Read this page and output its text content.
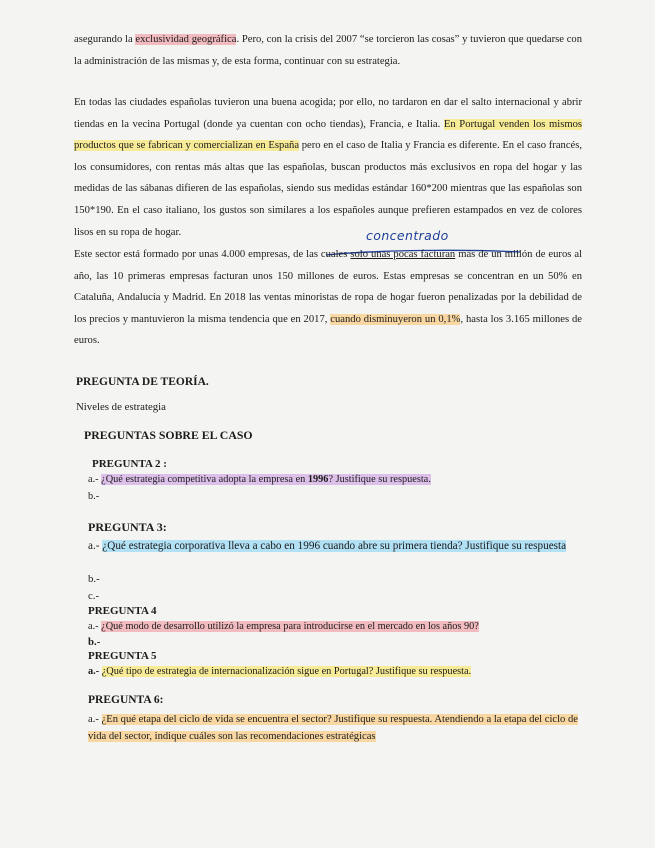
asegurando la exclusividad geográfica. Pero, con la crisis del 2007 “se torcieron las cosas” y tuvieron que quedarse con la administración de las mismas y, de esta forma, continuar con su estrategia.
En todas las ciudades españolas tuvieron una buena acogida; por ello, no tardaron en dar el salto internacional y abrir tiendas en la vecina Portugal (donde ya cuentan con ocho tiendas), Francia, e Italia. En Portugal venden los mismos productos que se fabrican y comercializan en España pero en el caso de Italia y Francia es diferente. En el caso francés, los consumidores, con rentas más altas que las españolas, buscan productos más exclusivos en ropa del hogar y las medidas de las sábanas difieren de las españolas, siendo sus medidas estándar 160*200 mientras que las españolas son 150*190. En el caso italiano, los gustos son similares a los españoles aunque prefieren estampados en vez de colores lisos en su ropa de hogar.	concentrado
Este sector está formado por unas 4.000 empresas, de las cuales solo unas pocas facturan más de un millón de euros al año, las 10 primeras empresas facturan unos 150 millones de euros. Estas empresas se concentran en un 50% en Cataluña, Andalucía y Madrid. En 2018 las ventas minoristas de ropa de hogar fueron penalizadas por la debilidad de los precios y mantuvieron la misma tendencia que en 2017, cuando disminuyeron un 0,1%, hasta los 3.165 millones de euros.
PREGUNTA DE TEORÍA.
Niveles de estrategia
PREGUNTAS SOBRE EL CASO
PREGUNTA 2 :
a.- ¿Qué estrategia competitiva adopta la empresa en 1996? Justifique su respuesta.
b.-
PREGUNTA 3:
a.- ¿Qué estrategia corporativa lleva a cabo en 1996 cuando abre su primera tienda? Justifique su respuesta
b.-
c.-
PREGUNTA 4
a.- ¿Qué modo de desarrollo utilizó la empresa para introducirse en el mercado en los años 90?
b.-
PREGUNTA 5
a.- ¿Qué tipo de estrategia de internacionalización sigue en Portugal? Justifique su respuesta.
PREGUNTA 6:
a.- ¿En qué etapa del ciclo de vida se encuentra el sector? Justifique su respuesta. Atendiendo a la etapa del ciclo de vida del sector, indique cuáles son las recomendaciones estratégicas
